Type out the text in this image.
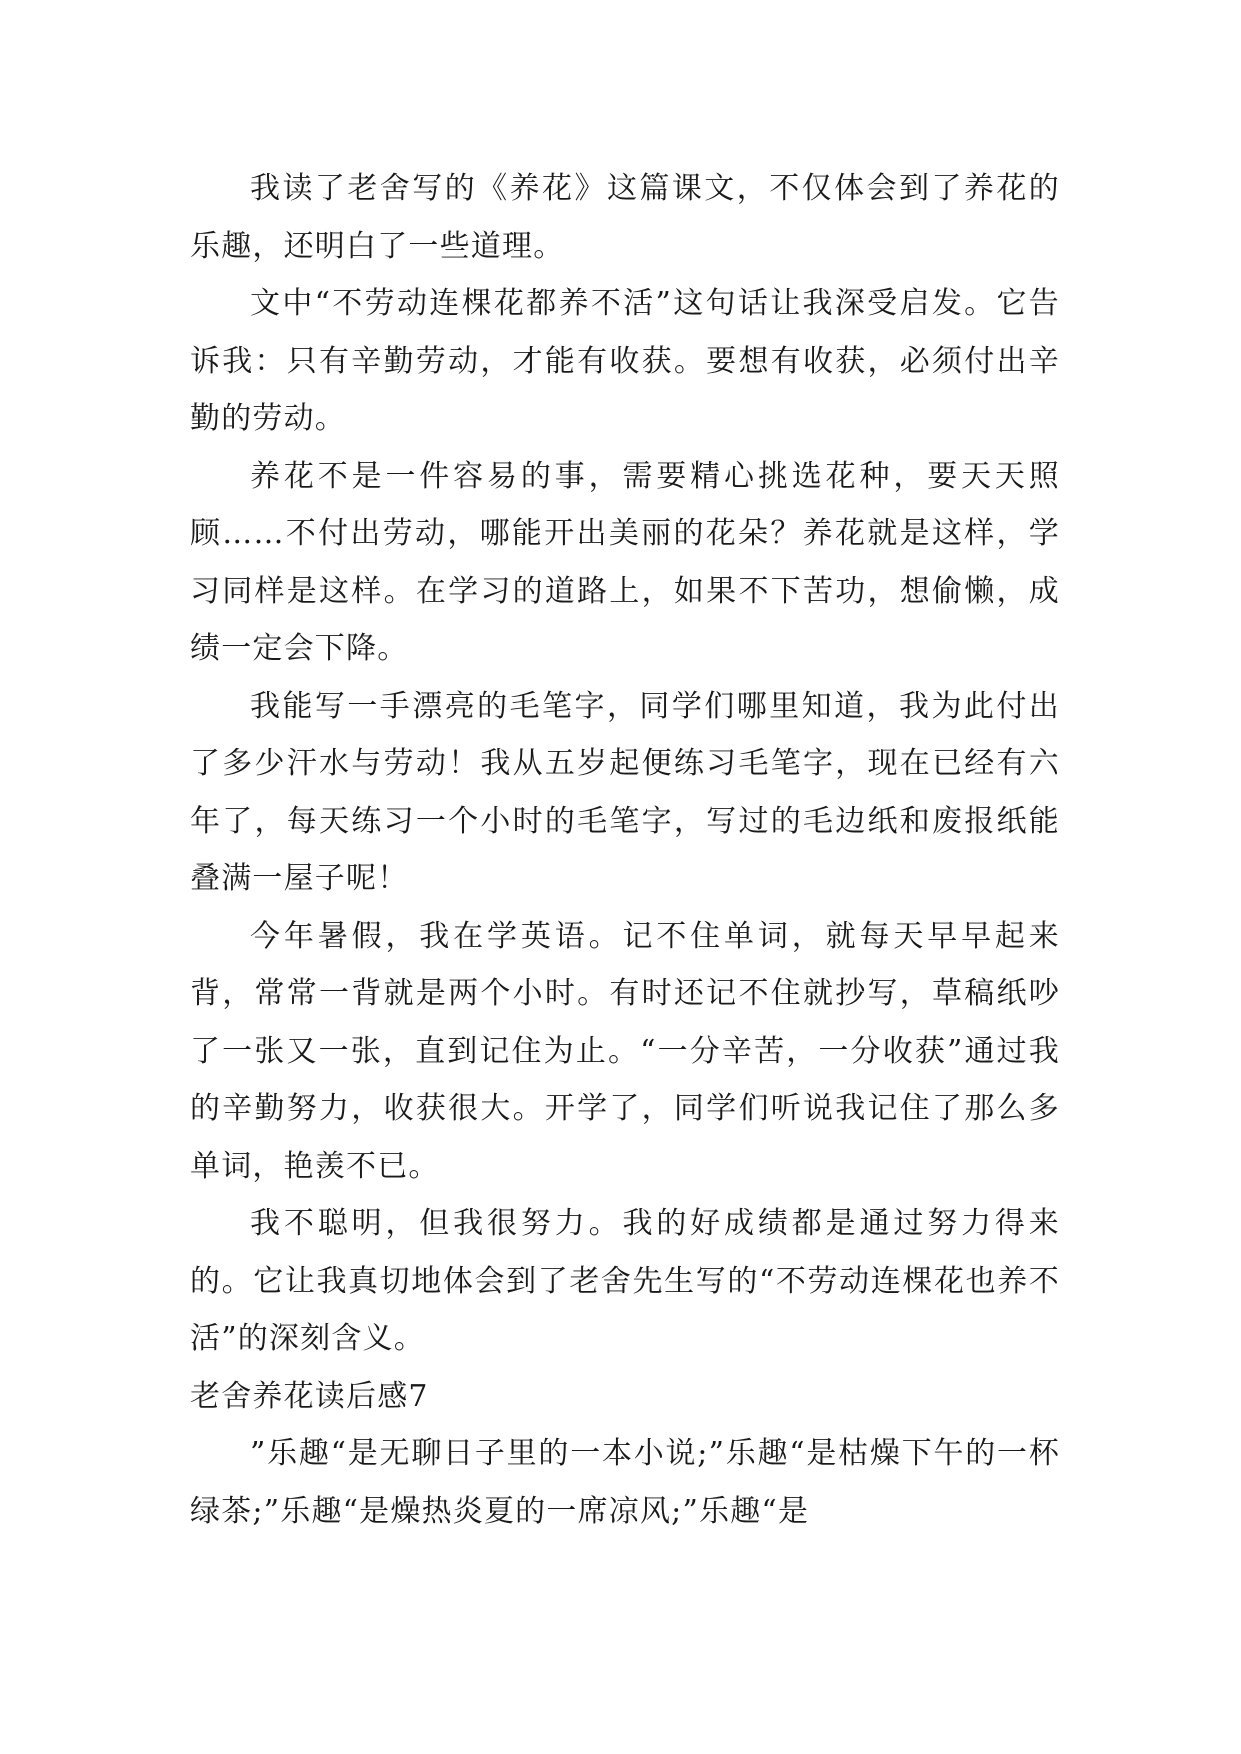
我读了老舍写的《养花》这篇课文，不仅体会到了养花的乐趣，还明白了一些道理。

文中“不劳动连棵花都养不活”这句话让我深受启发。它告诉我：只有辛勤劳动，才能有收获。要想有收获，必须付出辛勤的劳动。

养花不是一件容易的事，需要精心挑选花种，要天天照顾……不付出劳动，哪能开出美丽的花朵？养花就是这样，学习同样是这样。在学习的道路上，如果不下苦功，想偷懒，成绩一定会下降。

我能写一手漂亮的毛笔字，同学们哪里知道，我为此付出了多少汗水与劳动！我从五岁起便练习毛笔字，现在已经有六年了，每天练习一个小时的毛笔字，写过的毛边纸和废报纸能叠满一屋子呢！

今年暑假，我在学英语。记不住单词，就每天早早起来背，常常一背就是两个小时。有时还记不住就抄写，草稿纸吵了一张又一张，直到记住为止。“一分辛苦，一分收获”通过我的辛勤努力，收获很大。开学了，同学们听说我记住了那么多单词，艳羡不已。

我不聪明，但我很努力。我的好成绩都是通过努力得来的。它让我真切地体会到了老舍先生写的“不劳动连棵花也养不活”的深刻含义。

老舍养花读后感7

”乐趣“是无聊日子里的一本小说;”乐趣“是枯燥下午的一杯绿茶;”乐趣“是燥热炎夏的一席凉风;”乐趣“是
